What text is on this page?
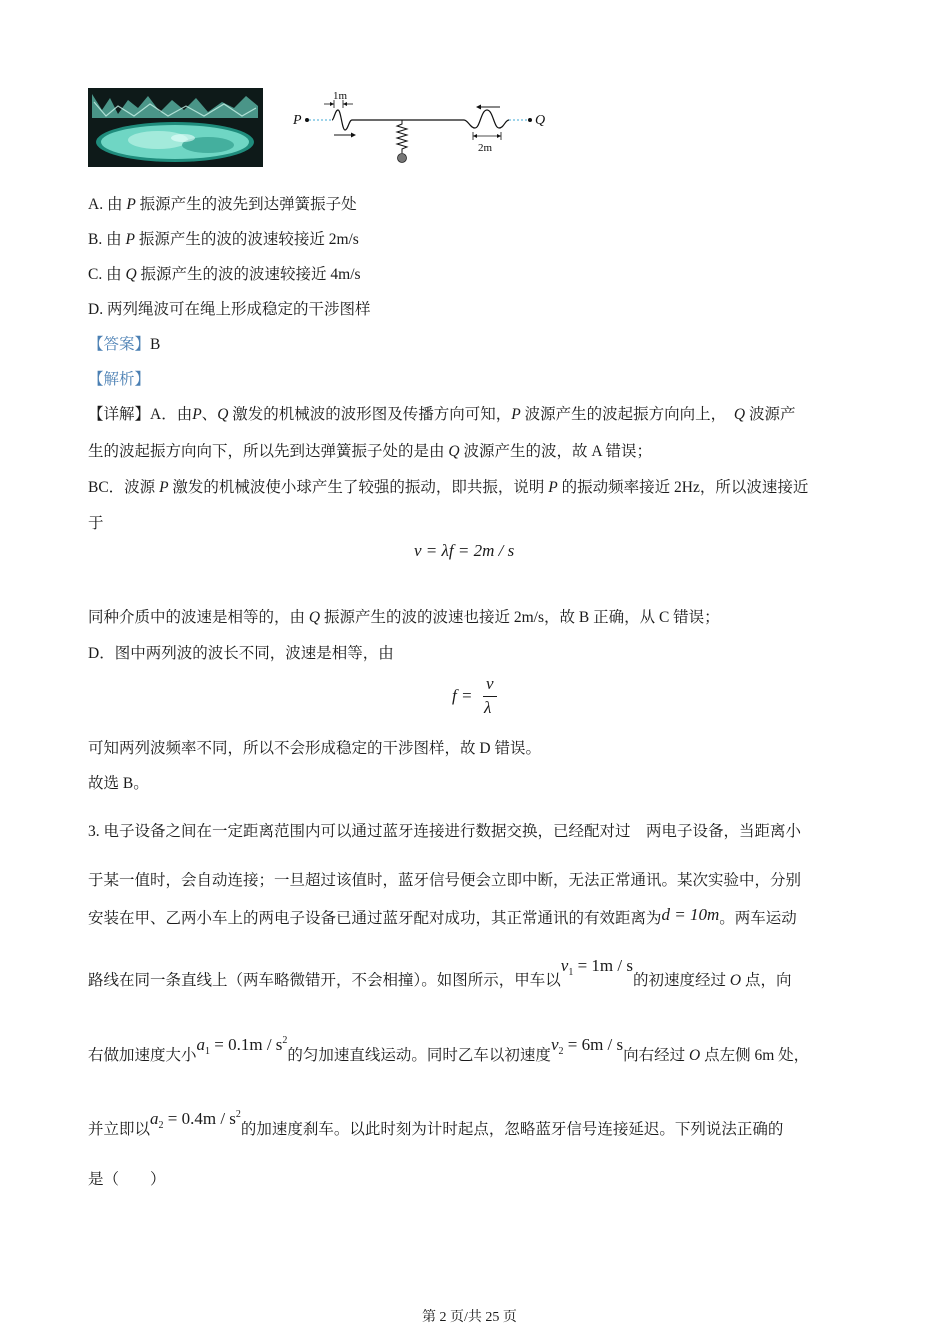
P
1m
Q
2m
A. 由 P 振源产生的波先到达弹簧振子处
B. 由 P 振源产生的波的波速较接近 2m/s
C. 由 Q 振源产生的波的波速较接近 4m/s
D. 两列绳波可在绳上形成稳定的干涉图样
【答案】B
【解析】
【详解】A．由P、Q 激发的机械波的波形图及传播方向可知，P 波源产生的波起振方向向上， Q 波源产
生的波起振方向向下，所以先到达弹簧振子处的是由 Q 波源产生的波，故 A 错误；
BC．波源 P 激发的机械波使小球产生了较强的振动，即共振，说明 P 的振动频率接近 2Hz，所以波速接近
于
v = λf = 2m / s
同种介质中的波速是相等的，由 Q 振源产生的波的波速也接近 2m/s，故 B 正确，从 C 错误；
D．图中两列波的波长不同，波速是相等，由
f =
v
λ
可知两列波频率不同，所以不会形成稳定的干涉图样，故 D 错误。
故选 B。
3. 电子设备之间在一定距离范围内可以通过蓝牙连接进行数据交换，已经配对过　两电子设备，当距离小
于某一值时，会自动连接；一旦超过该值时，蓝牙信号便会立即中断，无法正常通讯。某次实验中，分别
安装在甲、乙两小车上的两电子设备已通过蓝牙配对成功，其正常通讯的有效距离为d = 10m。两车运动
路线在同一条直线上（两车略微错开，不会相撞）。如图所示，甲车以$v_1 = 1m / s$的初速度经过 O 点，向
右做加速度大小$a_1 = 0.1m / s^2$的匀加速直线运动。同时乙车以初速度$v_2 = 6m / s$向右经过 O 点左侧 6m 处，
并立即以$a_2 = 0.4m / s^2$的加速度刹车。以此时刻为计时起点，忽略蓝牙信号连接延迟。下列说法正确的
是（　　）
第 2 页/共 25 页
